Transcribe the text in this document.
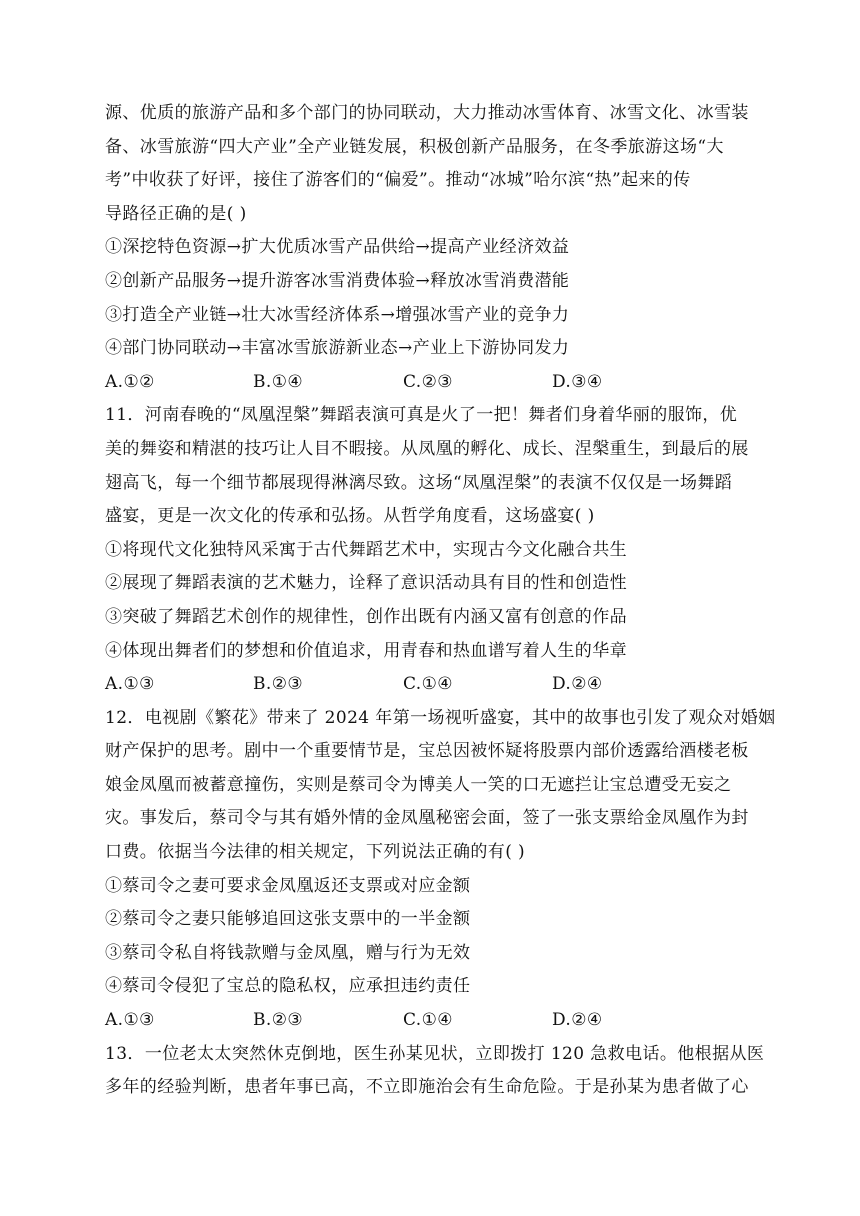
源、优质的旅游产品和多个部门的协同联动，大力推动冰雪体育、冰雪文化、冰雪装
备、冰雪旅游“四大产业”全产业链发展，积极创新产品服务，在冬季旅游这场“大
考”中收获了好评，接住了游客们的“偏爱”。推动“冰城”哈尔滨“热”起来的传
导路径正确的是( )
①深挖特色资源→扩大优质冰雪产品供给→提高产业经济效益
②创新产品服务→提升游客冰雪消费体验→释放冰雪消费潜能
③打造全产业链→壮大冰雪经济体系→增强冰雪产业的竞争力
④部门协同联动→丰富冰雪旅游新业态→产业上下游协同发力
A.①②	B.①④	C.②③	D.③④
11．河南春晚的“凤凰涅槃”舞蹈表演可真是火了一把！舞者们身着华丽的服饰，优
美的舞姿和精湛的技巧让人目不暇接。从凤凰的孵化、成长、涅槃重生，到最后的展
翅高飞，每一个细节都展现得淋漓尽致。这场“凤凰涅槃”的表演不仅仅是一场舞蹈
盛宴，更是一次文化的传承和弘扬。从哲学角度看，这场盛宴( )
①将现代文化独特风采寓于古代舞蹈艺术中，实现古今文化融合共生
②展现了舞蹈表演的艺术魅力，诠释了意识活动具有目的性和创造性
③突破了舞蹈艺术创作的规律性，创作出既有内涵又富有创意的作品
④体现出舞者们的梦想和价值追求，用青春和热血谱写着人生的华章
A.①③	B.②③	C.①④	D.②④
12．电视剧《繁花》带来了 2024 年第一场视听盛宴，其中的故事也引发了观众对婚姻
财产保护的思考。剧中一个重要情节是，宝总因被怀疑将股票内部价透露给酒楼老板
娘金凤凰而被蓄意撞伤，实则是蔡司令为博美人一笑的口无遮拦让宝总遭受无妄之
灾。事发后，蔡司令与其有婚外情的金凤凰秘密会面，签了一张支票给金凤凰作为封
口费。依据当今法律的相关规定，下列说法正确的有( )
①蔡司令之妻可要求金凤凰返还支票或对应金额
②蔡司令之妻只能够追回这张支票中的一半金额
③蔡司令私自将钱款赠与金凤凰，赠与行为无效
④蔡司令侵犯了宝总的隐私权，应承担违约责任
A.①③	B.②③	C.①④	D.②④
13．一位老太太突然休克倒地，医生孙某见状，立即拨打 120 急救电话。他根据从医
多年的经验判断，患者年事已高，不立即施治会有生命危险。于是孙某为患者做了心
